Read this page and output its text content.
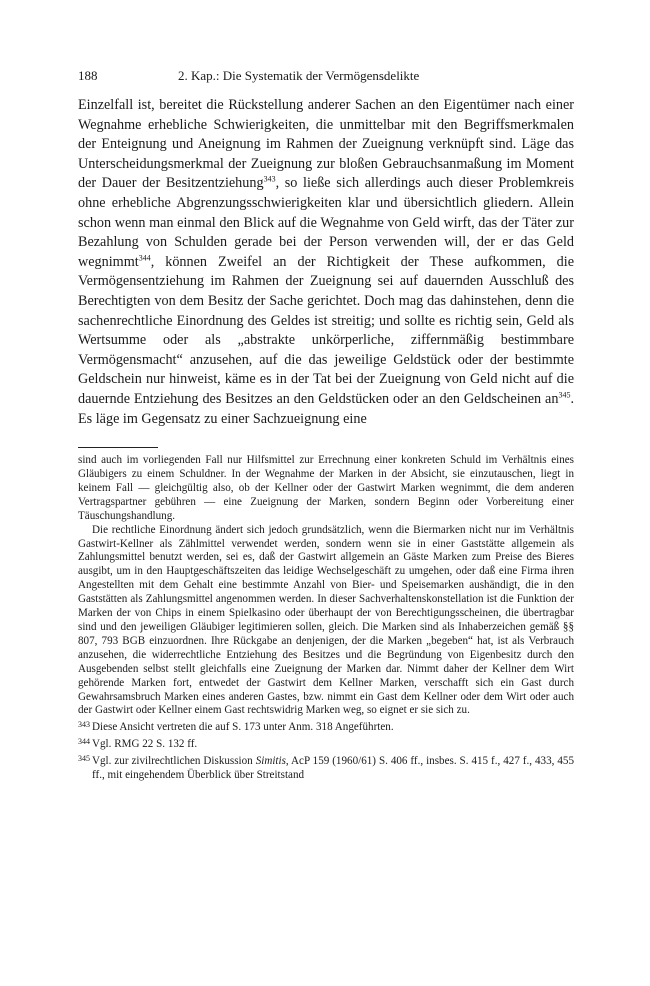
188	2. Kap.: Die Systematik der Vermögensdelikte

Einzelfall ist, bereitet die Rückstellung anderer Sachen an den Eigentümer nach einer Wegnahme erhebliche Schwierigkeiten, die unmittelbar mit den Begriffsmerkmalen der Enteignung und Aneignung im Rahmen der Zueignung verknüpft sind. Läge das Unterscheidungsmerkmal der Zueignung zur bloßen Gebrauchsanmaßung im Moment der Dauer der Besitzentziehung$^{343}$, so ließe sich allerdings auch dieser Problemkreis ohne erhebliche Abgrenzungsschwierigkeiten klar und übersichtlich gliedern. Allein schon wenn man einmal den Blick auf die Wegnahme von Geld wirft, das der Täter zur Bezahlung von Schulden gerade bei der Person verwenden will, der er das Geld wegnimmt$^{344}$, können Zweifel an der Richtigkeit der These aufkommen, die Vermögensentziehung im Rahmen der Zueignung sei auf dauernden Ausschluß des Berechtigten von dem Besitz der Sache gerichtet. Doch mag das dahinstehen, denn die sachenrechtliche Einordnung des Geldes ist streitig; und sollte es richtig sein, Geld als Wertsumme oder als „abstrakte unkörperliche, ziffernmäßig bestimmbare Vermögensmacht“ anzusehen, auf die das jeweilige Geldstück oder der bestimmte Geldschein nur hinweist, käme es in der Tat bei der Zueignung von Geld nicht auf die dauernde Entziehung des Besitzes an den Geldstücken oder an den Geldscheinen $an^{345}$. Es läge im Gegensatz zu einer Sachzueignung eine

sind auch im vorliegenden Fall nur Hilfsmittel zur Errechnung einer konkreten Schuld im Verhältnis eines Gläubigers zu einem Schuldner. In der Wegnahme der Marken in der Absicht, sie einzutauschen, liegt in keinem Fall — gleichgültig also, ob der Kellner oder der Gastwirt Marken wegnimmt, die dem anderen Vertragspartner gebühren — eine Zueignung der Marken, sondern Beginn oder Vorbereitung einer Täuschungshandlung.

Die rechtliche Einordnung ändert sich jedoch grundsätzlich, wenn die Biermarken nicht nur im Verhältnis Gastwirt-Kellner als Zählmittel verwendet werden, sondern wenn sie in einer Gaststätte allgemein als Zahlungsmittel benutzt werden, sei es, daß der Gastwirt allgemein an Gäste Marken zum Preise des Bieres ausgibt, um in den Hauptgeschäftszeiten das leidige Wechselgeschäft zu umgehen, oder daß eine Firma ihren Angestellten mit dem Gehalt eine bestimmte Anzahl von Bier- und Speisemarken aushändigt, die in den Gaststätten als Zahlungsmittel angenommen werden. In dieser Sachverhaltenskonstellation ist die Funktion der Marken der von Chips in einem Spielkasino oder überhaupt der von Berechtigungsscheinen, die übertragbar sind und den jeweiligen Gläubiger legitimieren sollen, gleich. Die Marken sind als Inhaberzeichen gemäß §§ 807, 793 BGB einzuordnen. Ihre Rückgabe an denjenigen, der die Marken „begeben“ hat, ist als Verbrauch anzusehen, die widerrechtliche Entziehung des Besitzes und die Begründung von Eigenbesitz durch den Ausgebenden selbst stellt gleichfalls eine Zueignung der Marken dar. Nimmt daher der Kellner dem Wirt gehörende Marken fort, entwedet der Gastwirt dem Kellner Marken, verschafft sich ein Gast durch Gewahrsamsbruch Marken eines anderen Gastes, bzw. nimmt ein Gast dem Kellner oder dem Wirt oder auch der Gastwirt oder Kellner einem Gast rechtswidrig Marken weg, so eignet er sie sich zu.

343 Diese Ansicht vertreten die auf S. 173 unter Anm. 318 Angeführten.

344 Vgl. RMG 22 S. 132 ff.

345 Vgl. zur zivilrechtlichen Diskussion Simitis, AcP 159 (1960/61) S. 406 ff., insbes. S. 415 f., 427 f., 433, 455 ff., mit eingehendem Überblick über Streitstand
